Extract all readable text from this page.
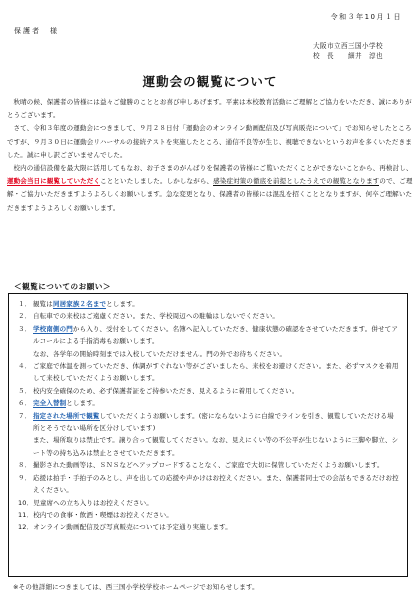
令和３年10月１日
保護者　様
大阪市立西三国小学校
校　長　　細井　淳也
運動会の観覧について

秋晴の候、保護者の皆様には益々ご健勝のこととお喜び申しあげます。平素は本校教育活動にご理解とご協力をいただき、誠にありがとうございます。

さて、令和３年度の運動会につきまして、９月２８日付「運動会のオンライン動画配信及び写真販売について」でお知らせしたところですが、９月３０日に運動会リハーサルの接続テストを実施したところ、通信不良等が生じ、視聴できないというお声を多くいただきました。誠に申し訳ございませんでした。

校内の通信設備を最大限に活用してもなお、お子さまのがんばりを保護者の皆様にご覧いただくことができないことから、再検討し、運動会当日に観覧していただくことといたしました。しかしながら、感染症対策の徹底を前提としたうえでの観覧となりますので、ご理解・ご協力いただきますようよろしくお願いします。急な変更となり、保護者の皆様には混乱を招くこととなりますが、何卒ご理解いただきますようよろしくお願いします。

＜観覧についてのお願い＞
１． 観覧は同居家族２名までとします。
２． 自転車での来校はご遠慮ください。また、学校周辺への駐輪はしないでください。
３． 学校南側の門から入り、受付をしてください。名簿へ記入していただき、健康状態の確認をさせていただきます。併せてアルコールによる手指消毒もお願いします。
なお、各学年の開始時刻までは入校していただけません。門の外でお待ちください。
４． ご家庭で体温を測っていただき、体調がすぐれない等がございましたら、来校をお避けください。また、必ずマスクを着用して来校していただくようお願いします。
５． 校内安全確保のため、必ず保護者証をご持参いただき、見えるように着用してください。
６． 完全入替制とします。
７． 指定された場所で観覧していただくようお願いします。(密にならないように白線でラインを引き、観覧していただける場所とそうでない場所を区分けしています)
また、場所取りは禁止です。譲り合って観覧してください。なお、見えにくい等の不公平が生じないように三脚や脚立、シート等の持ち込みは禁止とさせていただきます。
８． 撮影された動画等は、ＳＮＳなどへアップロードすることなく、ご家庭で大切に保管していただくようお願いします。
９． 応援は拍手・手拍子のみとし、声を出しての応援や声かけはお控えください。また、保護者同士での会話もできるだけお控えください。
10． 児童席への立ち入りはお控えください。
11． 校内での食事・飲酒・喫煙はお控えください。
12． オンライン動画配信及び写真販売については予定通り実施します。
※その他詳細につきましては、西三国小学校学校ホームページでお知らせします。
